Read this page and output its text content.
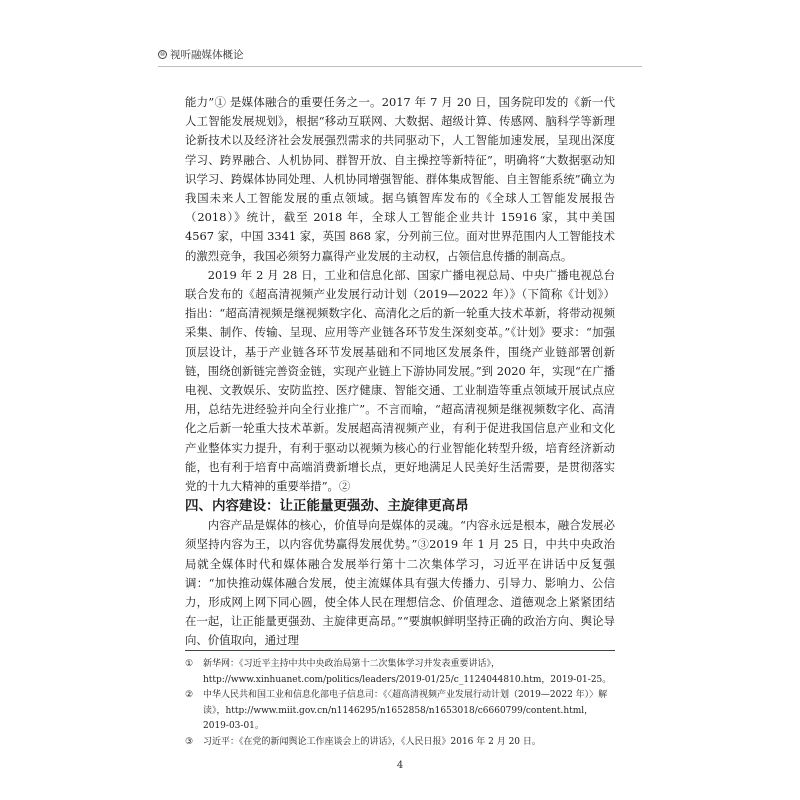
⑩ 视听融媒体概论

能力”① 是媒体融合的重要任务之一。2017 年 7 月 20 日，国务院印发的《新一代人工智能发展规划》，根据“移动互联网、大数据、超级计算、传感网、脑科学等新理论新技术以及经济社会发展强烈需求的共同驱动下，人工智能加速发展，呈现出深度学习、跨界融合、人机协同、群智开放、自主操控等新特征”，明确将“大数据驱动知识学习、跨媒体协同处理、人机协同增强智能、群体集成智能、自主智能系统”确立为我国未来人工智能发展的重点领域。据乌镇智库发布的《全球人工智能发展报告（2018）》统计，截至 2018 年，全球人工智能企业共计 15916 家，其中美国 4567 家，中国 3341 家，英国 868 家，分列前三位。面对世界范围内人工智能技术的激烈竞争，我国必须努力赢得产业发展的主动权，占领信息传播的制高点。

2019 年 2 月 28 日，工业和信息化部、国家广播电视总局、中央广播电视总台联合发布的《超高清视频产业发展行动计划（2019—2022 年）》（下简称《计划》）指出：“超高清视频是继视频数字化、高清化之后的新一轮重大技术革新，将带动视频采集、制作、传输、呈现、应用等产业链各环节发生深刻变革。”《计划》要求：“加强顶层设计，基于产业链各环节发展基础和不同地区发展条件，围绕产业链部署创新链，围绕创新链完善资金链，实现产业链上下游协同发展。”到 2020 年，实现“在广播电视、文教娱乐、安防监控、医疗健康、智能交通、工业制造等重点领域开展试点应用，总结先进经验并向全行业推广”。不言而喻，“超高清视频是继视频数字化、高清化之后新一轮重大技术革新。发展超高清视频产业，有利于促进我国信息产业和文化产业整体实力提升，有利于驱动以视频为核心的行业智能化转型升级，培育经济新动能，也有利于培育中高端消费新增长点，更好地满足人民美好生活需要，是贯彻落实党的十九大精神的重要举措”。②

四、内容建设：让正能量更强劲、主旋律更高昂

内容产品是媒体的核心，价值导向是媒体的灵魂。“内容永远是根本，融合发展必须坚持内容为王，以内容优势赢得发展优势。”③2019 年 1 月 25 日，中共中央政治局就全媒体时代和媒体融合发展举行第十二次集体学习，习近平在讲话中反复强调：“加快推动媒体融合发展，使主流媒体具有强大传播力、引导力、影响力、公信力，形成网上网下同心圆，使全体人民在理想信念、价值理念、道德观念上紧紧团结在一起，让正能量更强劲、主旋律更高昂。”“要旗帜鲜明坚持正确的政治方向、舆论导向、价值取向，通过理

①	新华网：《习近平主持中共中央政治局第十二次集体学习并发表重要讲话》，http://www.xinhuanet.com/politics/leaders/2019-01/25/c_1124044810.htm，2019-01-25。
②	中华人民共和国工业和信息化部电子信息司：《〈超高清视频产业发展行动计划（2019—2022 年）〉解读》，http://www.miit.gov.cn/n1146295/n1652858/n1653018/c6660799/content.html，2019-03-01。
③	习近平：《在党的新闻舆论工作座谈会上的讲话》，《人民日报》2016 年 2 月 20 日。
4
